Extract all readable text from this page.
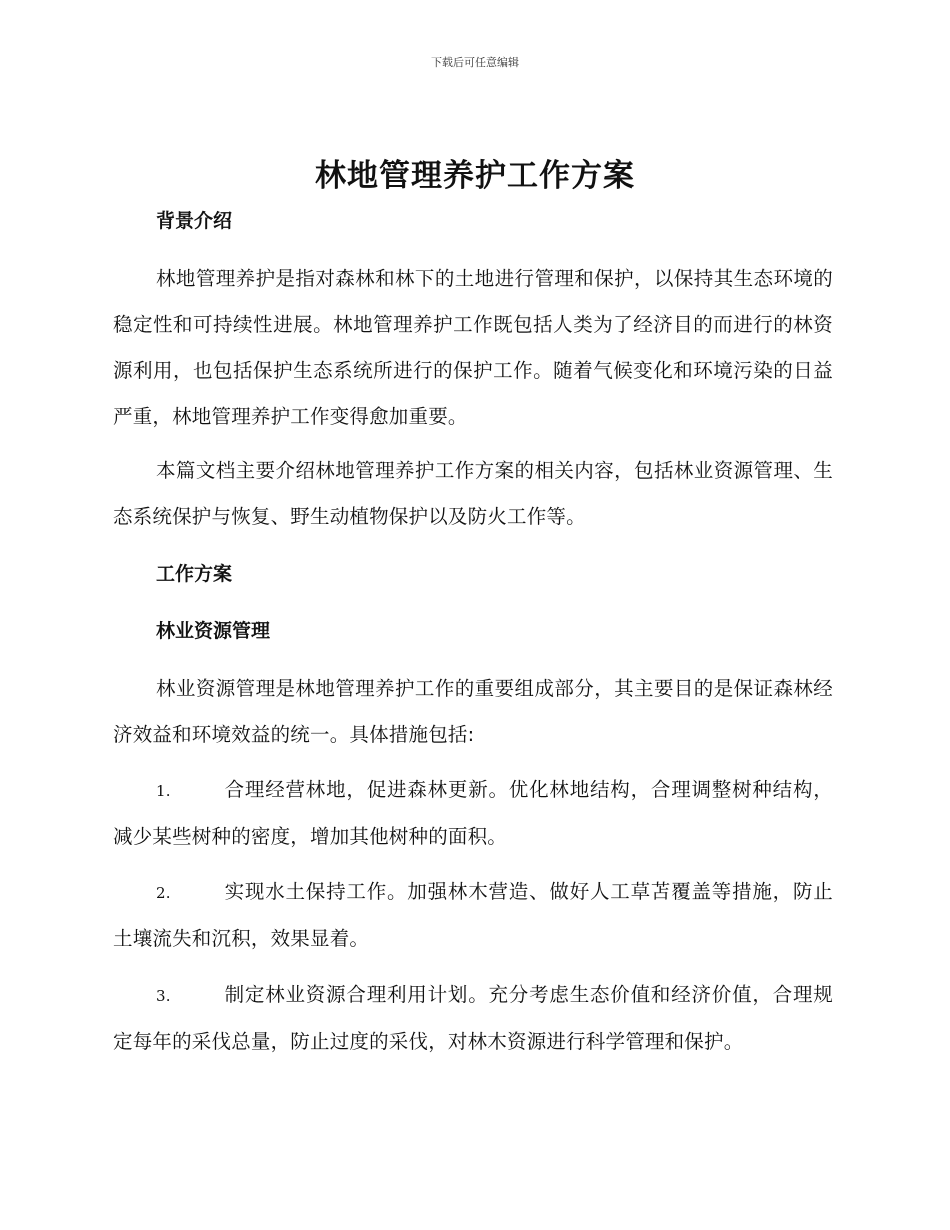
下载后可任意编辑
林地管理养护工作方案
背景介绍
林地管理养护是指对森林和林下的土地进行管理和保护，以保持其生态环境的稳定性和可持续性进展。林地管理养护工作既包括人类为了经济目的而进行的林资源利用，也包括保护生态系统所进行的保护工作。随着气候变化和环境污染的日益严重，林地管理养护工作变得愈加重要。
本篇文档主要介绍林地管理养护工作方案的相关内容，包括林业资源管理、生态系统保护与恢复、野生动植物保护以及防火工作等。
工作方案
林业资源管理
林业资源管理是林地管理养护工作的重要组成部分，其主要目的是保证森林经济效益和环境效益的统一。具体措施包括:
1.	合理经营林地，促进森林更新。优化林地结构，合理调整树种结构，减少某些树种的密度，增加其他树种的面积。
2.	实现水土保持工作。加强林木营造、做好人工草苫覆盖等措施，防止土壤流失和沉积，效果显着。
3.	制定林业资源合理利用计划。充分考虑生态价值和经济价值，合理规定每年的采伐总量，防止过度的采伐，对林木资源进行科学管理和保护。
